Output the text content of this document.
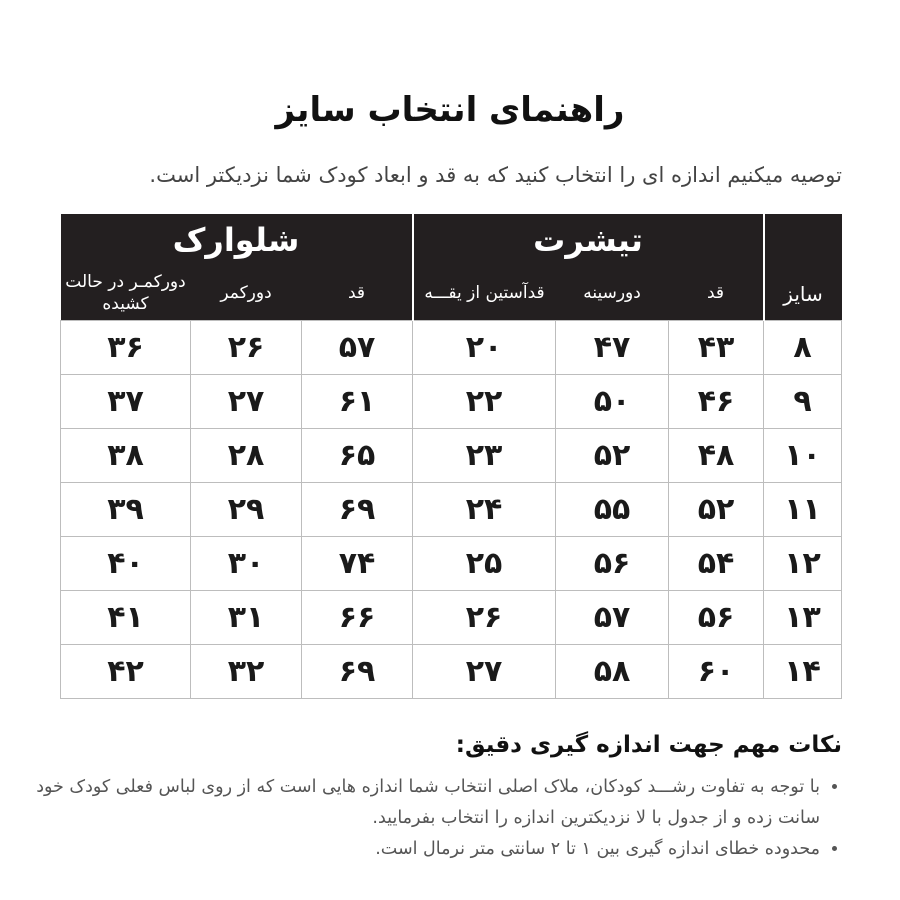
راهنمای انتخاب سایز
توصیه میکنیم اندازه ای را انتخاب کنید که به قد و ابعاد کودک شما نزدیکتر است.
سایز	تیشرت			شلوارک		
	قد	دورسینه	قدآستین از یقـــه	قد	دورکمر	دورکمـر در حالت کشیده
۸	۴۳	۴۷	۲۰	۵۷	۲۶	۳۶
۹	۴۶	۵۰	۲۲	۶۱	۲۷	۳۷
۱۰	۴۸	۵۲	۲۳	۶۵	۲۸	۳۸
۱۱	۵۲	۵۵	۲۴	۶۹	۲۹	۳۹
۱۲	۵۴	۵۶	۲۵	۷۴	۳۰	۴۰
۱۳	۵۶	۵۷	۲۶	۶۶	۳۱	۴۱
۱۴	۶۰	۵۸	۲۷	۶۹	۳۲	۴۲
نکات مهم جهت اندازه گیری دقیق:
• با توجه به تفاوت رشـــد کودکان، ملاک اصلی انتخاب شما اندازه هایی است که از روی لباس فعلی کودک خود سانت زده و از جدول با لا نزدیکترین اندازه را انتخاب بفرمایید.
• محدوده خطای اندازه گیری بین ۱ تا ۲ سانتی متر نرمال است.
